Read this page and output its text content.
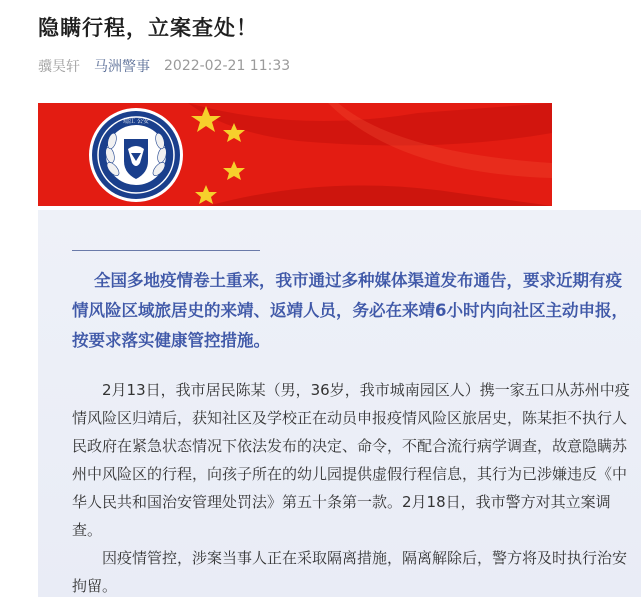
隐瞒行程，立案查处！
骥昊轩 马洲警事 2022-02-21 11:33
靖江 公安
CHINESE POLICE
全国多地疫情卷土重来，我市通过多种媒体渠道发布通告，要求近期有疫情风险区域旅居史的来靖、返靖人员，务必在来靖6小时内向社区主动申报，按要求落实健康管控措施。

2月13日，我市居民陈某（男，36岁，我市城南园区人）携一家五口从苏州中疫情风险区归靖后，获知社区及学校正在动员申报疫情风险区旅居史，陈某拒不执行人民政府在紧急状态情况下依法发布的决定、命令，不配合流行病学调查，故意隐瞒苏州中风险区的行程，向孩子所在的幼儿园提供虚假行程信息，其行为已涉嫌违反《中华人民共和国治安管理处罚法》第五十条第一款。2月18日，我市警方对其立案调查。

因疫情管控，涉案当事人正在采取隔离措施，隔离解除后，警方将及时执行治安拘留。
